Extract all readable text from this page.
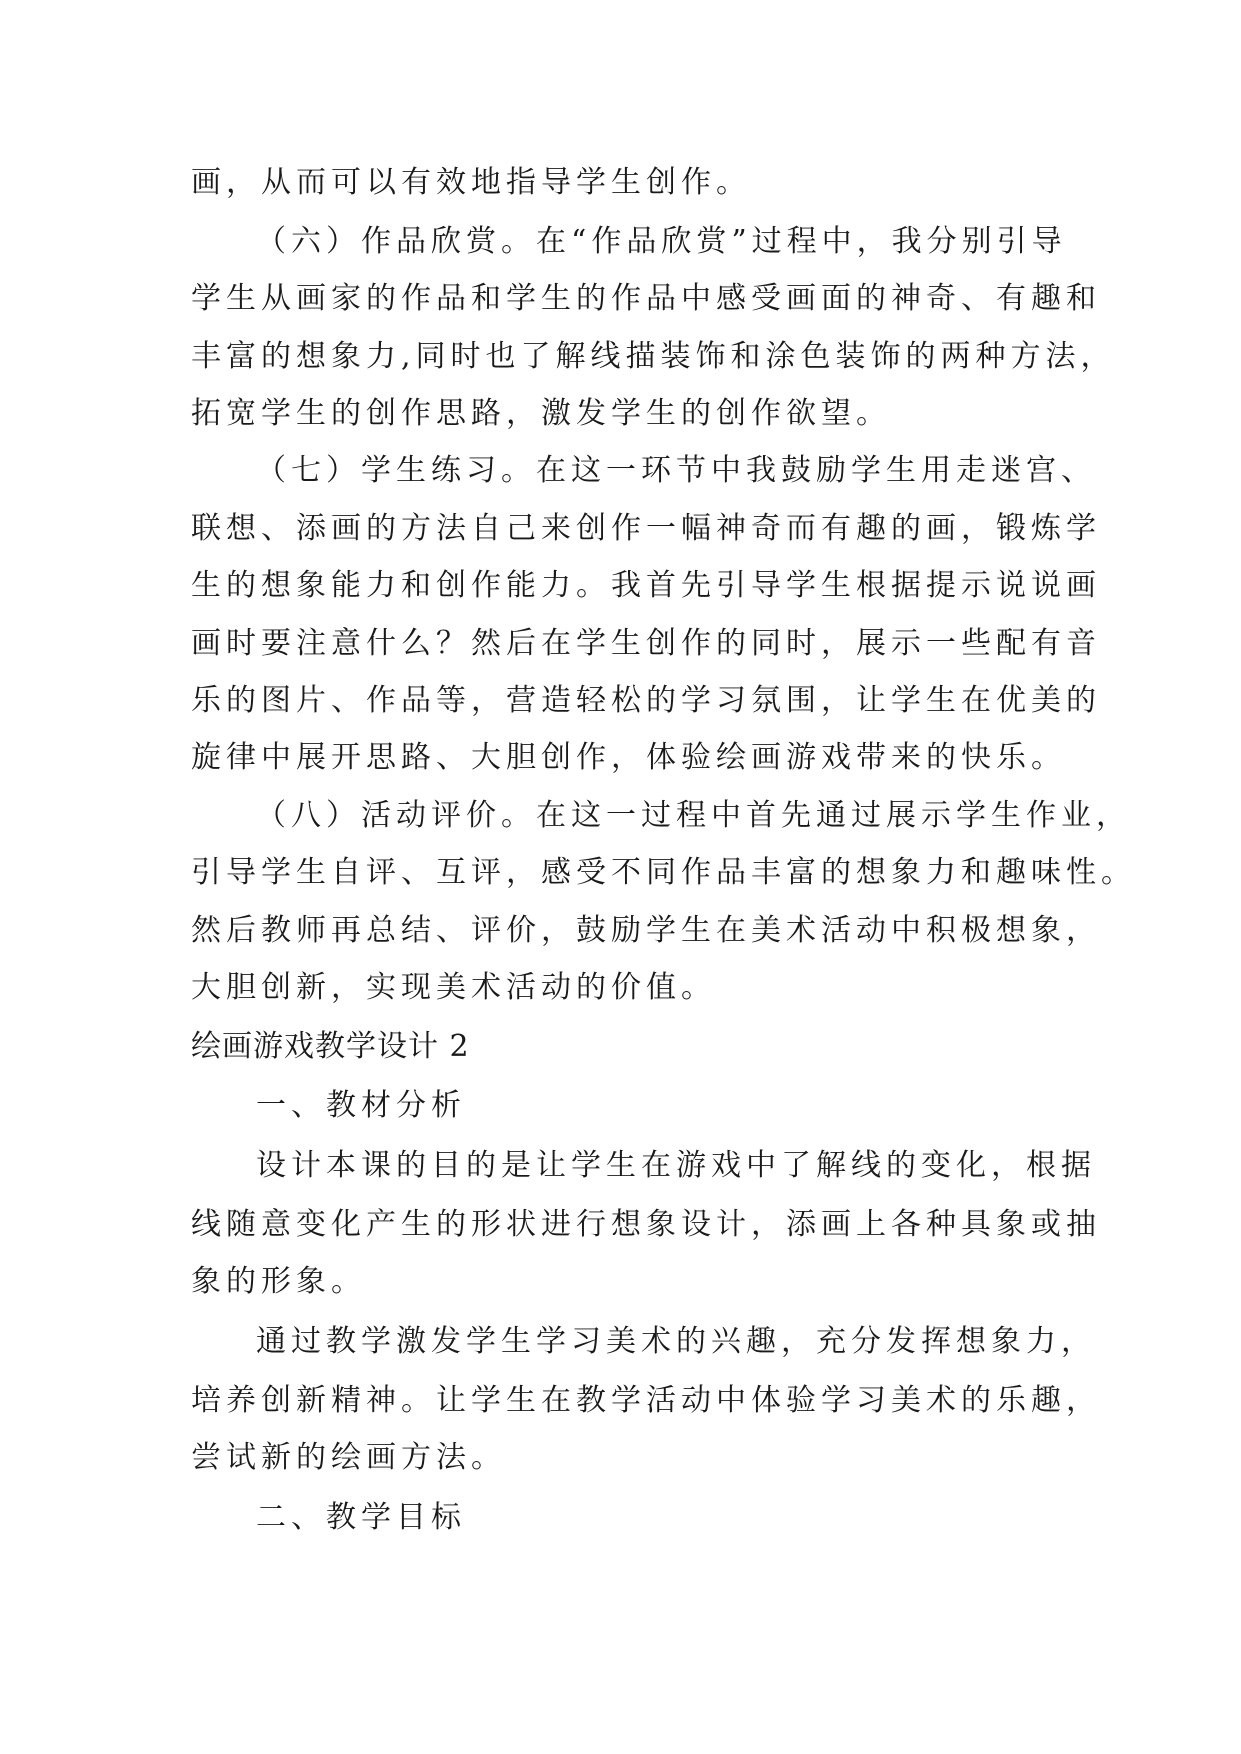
画，从而可以有效地指导学生创作。
（六）作品欣赏。在“作品欣赏”过程中，我分别引导
学生从画家的作品和学生的作品中感受画面的神奇、有趣和
丰富的想象力,同时也了解线描装饰和涂色装饰的两种方法，
拓宽学生的创作思路，激发学生的创作欲望。
（七）学生练习。在这一环节中我鼓励学生用走迷宫、
联想、添画的方法自己来创作一幅神奇而有趣的画，锻炼学
生的想象能力和创作能力。我首先引导学生根据提示说说画
画时要注意什么？然后在学生创作的同时，展示一些配有音
乐的图片、作品等，营造轻松的学习氛围，让学生在优美的
旋律中展开思路、大胆创作，体验绘画游戏带来的快乐。
（八）活动评价。在这一过程中首先通过展示学生作业，
引导学生自评、互评，感受不同作品丰富的想象力和趣味性。
然后教师再总结、评价，鼓励学生在美术活动中积极想象，
大胆创新，实现美术活动的价值。
绘画游戏教学设计 2
一、教材分析
设计本课的目的是让学生在游戏中了解线的变化，根据
线随意变化产生的形状进行想象设计，添画上各种具象或抽
象的形象。
通过教学激发学生学习美术的兴趣，充分发挥想象力，
培养创新精神。让学生在教学活动中体验学习美术的乐趣，
尝试新的绘画方法。
二、教学目标
